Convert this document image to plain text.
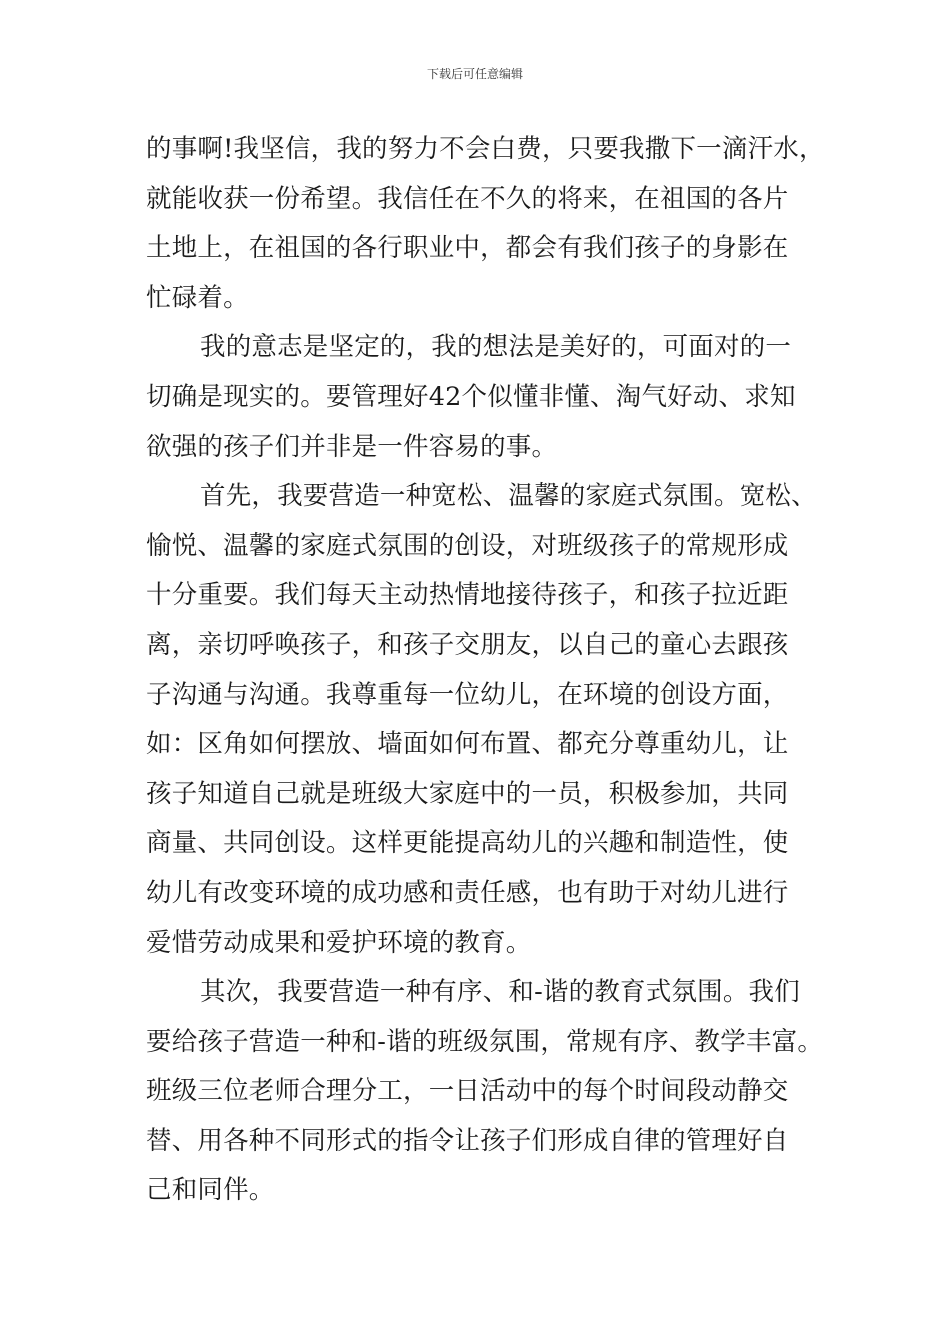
下载后可任意编辑
的事啊!我坚信，我的努力不会白费，只要我撒下一滴汗水，
就能收获一份希望。我信任在不久的将来，在祖国的各片
土地上，在祖国的各行职业中，都会有我们孩子的身影在
忙碌着。
我的意志是坚定的，我的想法是美好的，可面对的一
切确是现实的。要管理好42个似懂非懂、淘气好动、求知
欲强的孩子们并非是一件容易的事。
首先，我要营造一种宽松、温馨的家庭式氛围。宽松、
愉悦、温馨的家庭式氛围的创设，对班级孩子的常规形成
十分重要。我们每天主动热情地接待孩子，和孩子拉近距
离，亲切呼唤孩子，和孩子交朋友，以自己的童心去跟孩
子沟通与沟通。我尊重每一位幼儿，在环境的创设方面，
如：区角如何摆放、墙面如何布置、都充分尊重幼儿，让
孩子知道自己就是班级大家庭中的一员，积极参加，共同
商量、共同创设。这样更能提高幼儿的兴趣和制造性，使
幼儿有改变环境的成功感和责任感，也有助于对幼儿进行
爱惜劳动成果和爱护环境的教育。
其次，我要营造一种有序、和-谐的教育式氛围。我们
要给孩子营造一种和-谐的班级氛围，常规有序、教学丰富。
班级三位老师合理分工，一日活动中的每个时间段动静交
替、用各种不同形式的指令让孩子们形成自律的管理好自
己和同伴。
